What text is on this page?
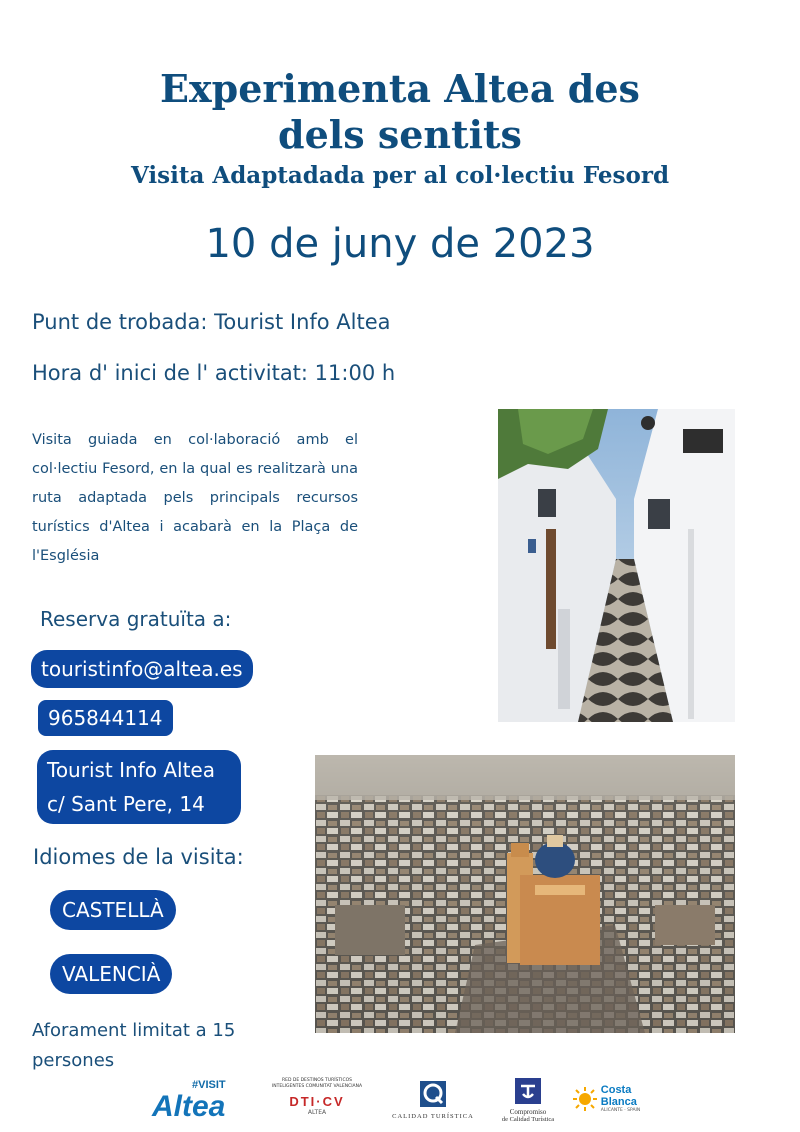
Experimenta Altea des
dels sentits
Visita Adaptadada per al col·lectiu Fesord
10 de juny de 2023
Punt de trobada: Tourist Info Altea
Hora d' inici de l' activitat: 11:00 h
Visita guiada en col·laboració amb el col·lectiu Fesord, en la qual es realitzarà una ruta adaptada pels principals recursos turístics d'Altea i acabarà en la Plaça de l'Església
Reserva gratuïta a:
touristinfo@altea.es
965844114
Tourist Info Altea
c/ Sant Pere, 14
Idiomes de la visita:
CASTELLÀ
VALENCIÀ
Aforament limitat a 15
persones
#VISIT
Altea
RED DE DESTINOS TURÍSTICOS INTELIGENTES COMUNITAT VALENCIANA
DTI·CV
ALTEA	CALIDAD TURÍSTICA
Compromiso
de Calidad Turística
Costa
Blanca
ALICANTE · SPAIN
